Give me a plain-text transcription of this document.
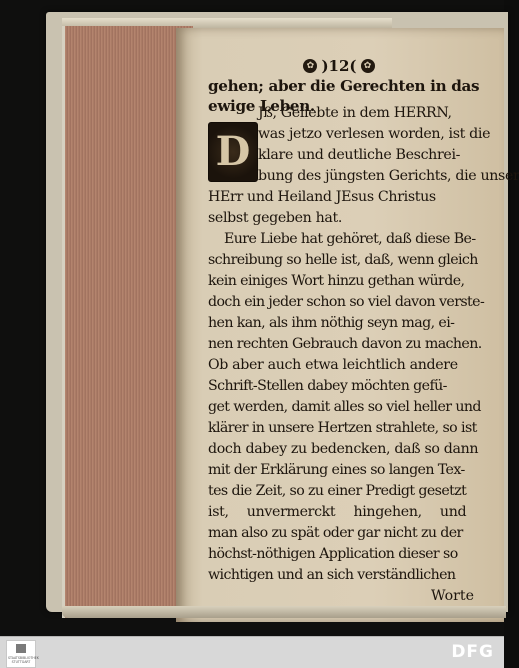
✿ )12( ✿
gehen; aber die Gerechten in das
ewige Leben.
D
Jß, Geliebte in dem HERRN,
was jetzo verlesen worden, ist die
klare und deutliche Beschrei-
bung des jüngsten Gerichts, die unser
HErr und Heiland JEsus Christus
selbst gegeben hat.
Eure Liebe hat gehöret, daß diese Be-
schreibung so helle ist, daß, wenn gleich
kein einiges Wort hinzu gethan würde,
doch ein jeder schon so viel davon verste-
hen kan, als ihm nöthig seyn mag, ei-
nen rechten Gebrauch davon zu machen.
Ob aber auch etwa leichtlich andere
Schrift-Stellen dabey möchten gefü-
get werden, damit alles so viel heller und
klärer in unsere Hertzen strahlete, so ist
doch dabey zu bedencken, daß so dann
mit der Erklärung eines so langen Tex-
tes die Zeit, so zu einer Predigt gesetzt
ist, unvermerckt hingehen, und
man also zu spät oder gar nicht zu der
höchst-nöthigen Application dieser so
wichtigen und an sich verständlichen
Worte
STAATSBIBLIOTHEK
STUTTGART	DFG
